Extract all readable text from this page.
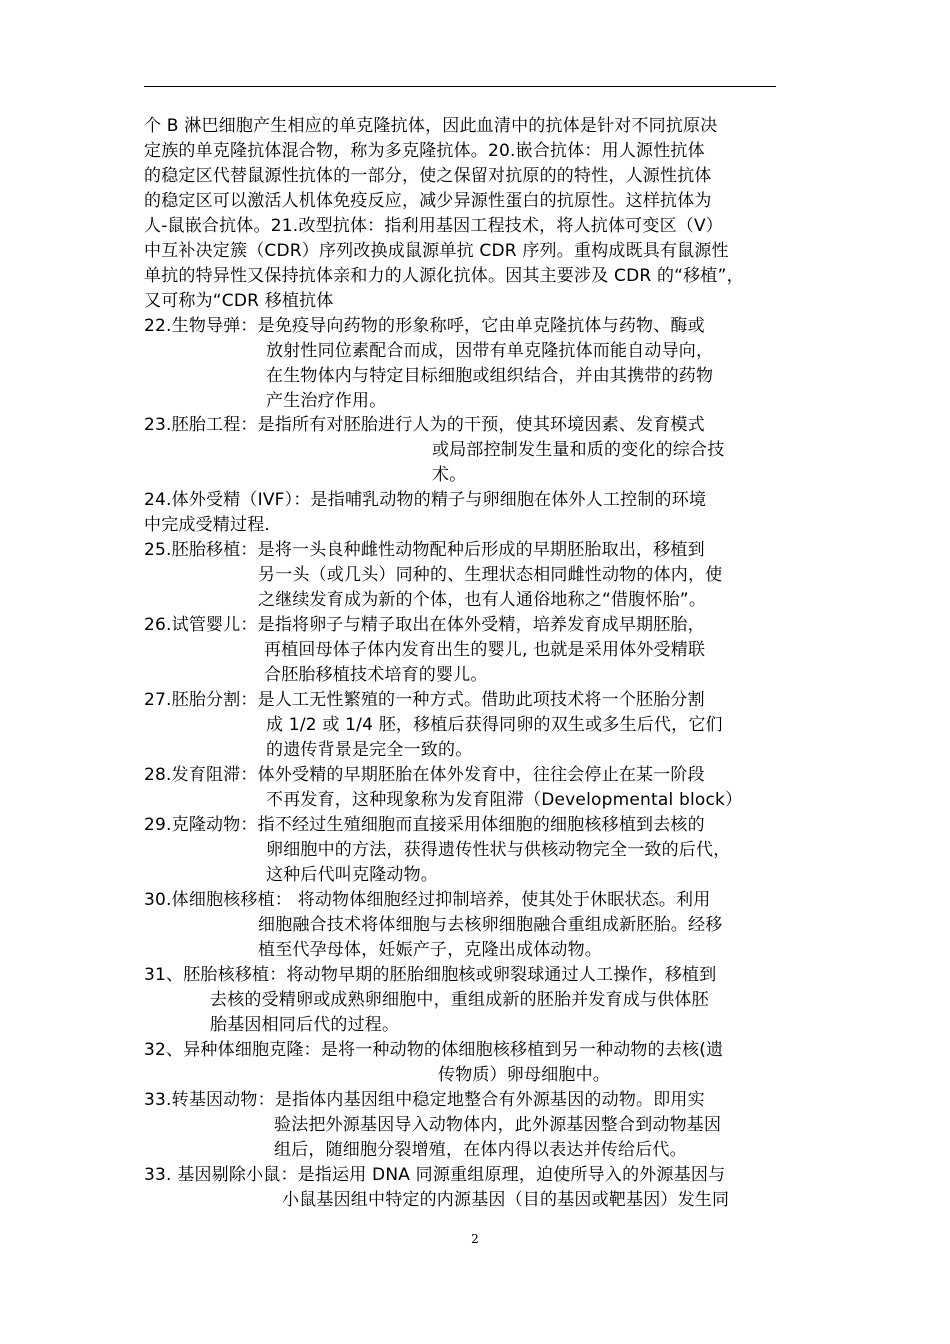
个 B 淋巴细胞产生相应的单克隆抗体，因此血清中的抗体是针对不同抗原决
定族的单克隆抗体混合物，称为多克隆抗体。20.嵌合抗体：用人源性抗体
的稳定区代替鼠源性抗体的一部分，使之保留对抗原的的特性，人源性抗体
的稳定区可以激活人机体免疫反应，减少异源性蛋白的抗原性。这样抗体为
人-鼠嵌合抗体。21.改型抗体：指利用基因工程技术，将人抗体可变区（V）
中互补决定簇（CDR）序列改换成鼠源单抗 CDR 序列。重构成既具有鼠源性
单抗的特异性又保持抗体亲和力的人源化抗体。因其主要涉及 CDR 的“移植”，
又可称为“CDR 移植抗体
22.生物导弹：是免疫导向药物的形象称呼，它由单克隆抗体与药物、酶或
放射性同位素配合而成，因带有单克隆抗体而能自动导向，
在生物体内与特定目标细胞或组织结合，并由其携带的药物
产生治疗作用。
23.胚胎工程：是指所有对胚胎进行人为的干预，使其环境因素、发育模式
或局部控制发生量和质的变化的综合技
术。
24.体外受精（IVF）：是指哺乳动物的精子与卵细胞在体外人工控制的环境
中完成受精过程.
25.胚胎移植：是将一头良种雌性动物配种后形成的早期胚胎取出，移植到
另一头（或几头）同种的、生理状态相同雌性动物的体内，使
之继续发育成为新的个体，也有人通俗地称之“借腹怀胎”。
26.试管婴儿：是指将卵子与精子取出在体外受精，培养发育成早期胚胎，
再植回母体子体内发育出生的婴儿, 也就是采用体外受精联
合胚胎移植技术培育的婴儿。
27.胚胎分割：是人工无性繁殖的一种方式。借助此项技术将一个胚胎分割
成 1/2 或 1/4 胚，移植后获得同卵的双生或多生后代，它们
的遗传背景是完全一致的。
28.发育阻滞：体外受精的早期胚胎在体外发育中，往往会停止在某一阶段
不再发育，这种现象称为发育阻滞（Developmental block）
29.克隆动物：指不经过生殖细胞而直接采用体细胞的细胞核移植到去核的
卵细胞中的方法，获得遗传性状与供核动物完全一致的后代，
这种后代叫克隆动物。
30.体细胞核移植： 将动物体细胞经过抑制培养，使其处于休眠状态。利用
细胞融合技术将体细胞与去核卵细胞融合重组成新胚胎。经移
植至代孕母体，妊娠产子，克隆出成体动物。
31、胚胎核移植：将动物早期的胚胎细胞核或卵裂球通过人工操作，移植到
去核的受精卵或成熟卵细胞中，重组成新的胚胎并发育成与供体胚
胎基因相同后代的过程。
32、异种体细胞克隆：是将一种动物的体细胞核移植到另一种动物的去核(遗
传物质）卵母细胞中。
33.转基因动物：是指体内基因组中稳定地整合有外源基因的动物。即用实
验法把外源基因导入动物体内，此外源基因整合到动物基因
组后，随细胞分裂增殖，在体内得以表达并传给后代。
33. 基因剔除小鼠：是指运用 DNA 同源重组原理，迫使所导入的外源基因与
小鼠基因组中特定的内源基因（目的基因或靶基因）发生同
2
